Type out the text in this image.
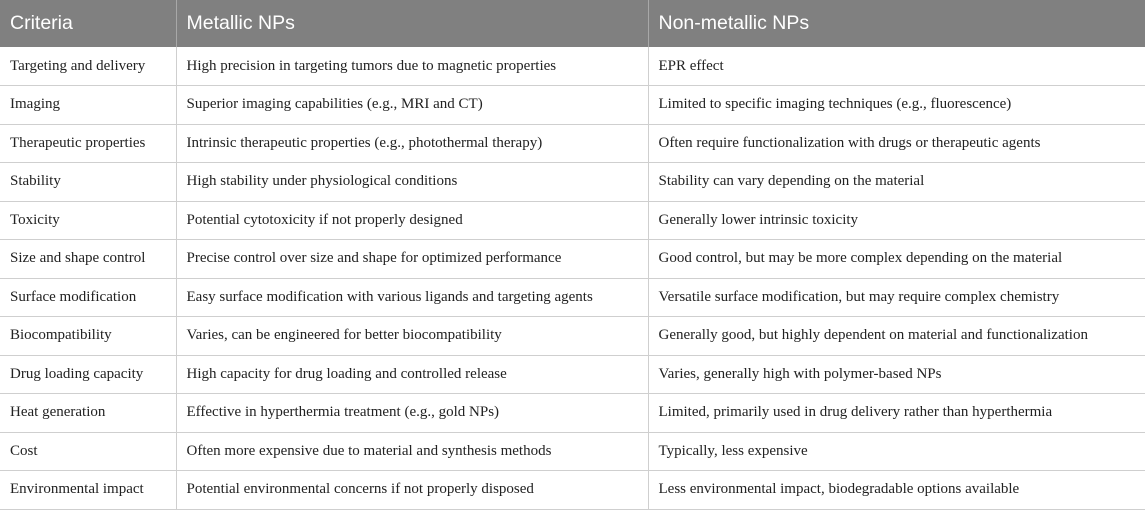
Criteria	Metallic NPs	Non-metallic NPs
Targeting and delivery	High precision in targeting tumors due to magnetic properties	EPR effect
Imaging	Superior imaging capabilities (e.g., MRI and CT)	Limited to specific imaging techniques (e.g., fluorescence)
Therapeutic properties	Intrinsic therapeutic properties (e.g., photothermal therapy)	Often require functionalization with drugs or therapeutic agents
Stability	High stability under physiological conditions	Stability can vary depending on the material
Toxicity	Potential cytotoxicity if not properly designed	Generally lower intrinsic toxicity
Size and shape control	Precise control over size and shape for optimized performance	Good control, but may be more complex depending on the material
Surface modification	Easy surface modification with various ligands and targeting agents	Versatile surface modification, but may require complex chemistry
Biocompatibility	Varies, can be engineered for better biocompatibility	Generally good, but highly dependent on material and functionalization
Drug loading capacity	High capacity for drug loading and controlled release	Varies, generally high with polymer-based NPs
Heat generation	Effective in hyperthermia treatment (e.g., gold NPs)	Limited, primarily used in drug delivery rather than hyperthermia
Cost	Often more expensive due to material and synthesis methods	Typically, less expensive
Environmental impact	Potential environmental concerns if not properly disposed	Less environmental impact, biodegradable options available
